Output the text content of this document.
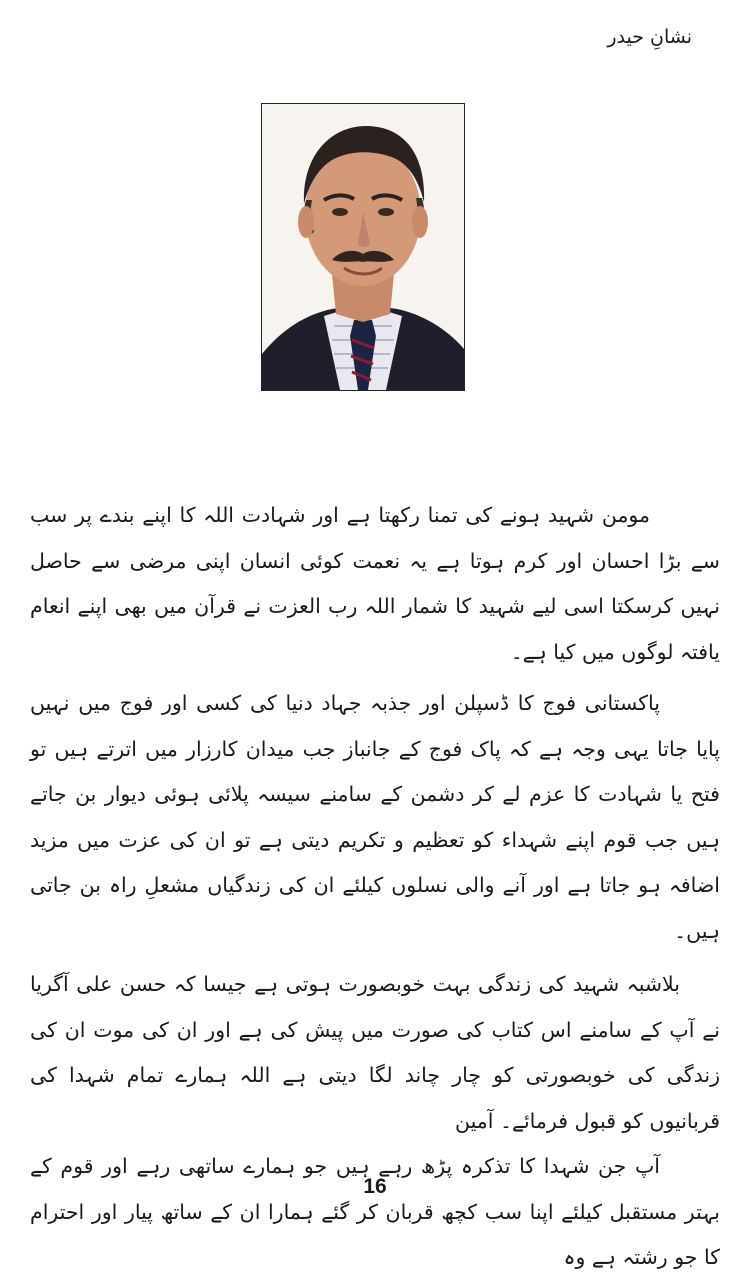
نشانِ حیدر

مومن شہید ہونے کی تمنا رکھتا ہے اور شہادت اللہ کا اپنے بندے پر سب سے بڑا احسان اور کرم ہوتا ہے یہ نعمت کوئی انسان اپنی مرضی سے حاصل نہیں کرسکتا اسی لیے شہید کا شمار اللہ رب العزت نے قرآن میں بھی اپنے انعام یافتہ لوگوں میں کیا ہے۔

پاکستانی فوج کا ڈسپلن اور جذبہ جہاد دنیا کی کسی اور فوج میں نہیں پایا جاتا یہی وجہ ہے کہ پاک فوج کے جانباز جب میدان کارزار میں اترتے ہیں تو فتح یا شہادت کا عزم لے کر دشمن کے سامنے سیسہ پلائی ہوئی دیوار بن جاتے ہیں جب قوم اپنے شہداء کو تعظیم و تکریم دیتی ہے تو ان کی عزت میں مزید اضافہ ہو جاتا ہے اور آنے والی نسلوں کیلئے ان کی زندگیاں مشعلِ راہ بن جاتی ہیں۔

بلاشبہ شہید کی زندگی بہت خوبصورت ہوتی ہے جیسا کہ حسن علی آگریا نے آپ کے سامنے اس کتاب کی صورت میں پیش کی ہے اور ان کی موت ان کی زندگی کی خوبصورتی کو چار چاند لگا دیتی ہے اللہ ہمارے تمام شہدا کی قربانیوں کو قبول فرمائے۔ آمین

آپ جن شہدا کا تذکرہ پڑھ رہے ہیں جو ہمارے ساتھی رہے اور قوم کے بہتر مستقبل کیلئے اپنا سب کچھ قربان کر گئے ہمارا ان کے ساتھ پیار اور احترام کا جو رشتہ ہے وہ

16
